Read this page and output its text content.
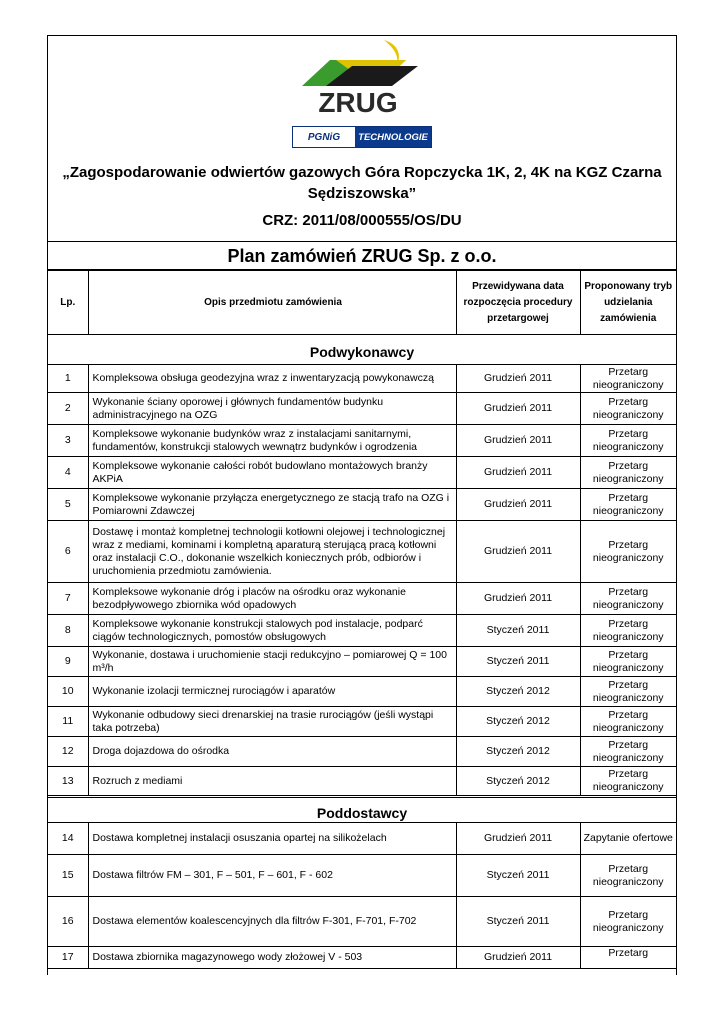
ZRUG
PGNiG	TECHNOLOGIE
„Zagospodarowanie odwiertów gazowych Góra Ropczycka 1K, 2, 4K na KGZ Czarna Sędziszowska”
CRZ: 2011/08/000555/OS/DU
Plan zamówień ZRUG Sp. z o.o.
Lp.	Opis przedmiotu zamówienia	Przewidywana data rozpoczęcia procedury przetargowej	Proponowany tryb udzielania zamówienia
Podwykonawcy			
1	Kompleksowa obsługa geodezyjna wraz z inwentaryzacją powykonawczą	Grudzień 2011	Przetarg nieograniczony
2	Wykonanie ściany oporowej i głównych fundamentów budynku administracyjnego na OZG	Grudzień 2011	Przetarg nieograniczony
3	Kompleksowe wykonanie budynków wraz z instalacjami sanitarnymi, fundamentów, konstrukcji stalowych wewnątrz budynków i ogrodzenia	Grudzień 2011	Przetarg nieograniczony
4	Kompleksowe wykonanie całości robót budowlano montażowych branży AKPiA	Grudzień 2011	Przetarg nieograniczony
5	Kompleksowe wykonanie przyłącza energetycznego ze stacją trafo na OZG i Pomiarowni Zdawczej	Grudzień 2011	Przetarg nieograniczony
6	Dostawę i montaż kompletnej technologii kotłowni olejowej i technologicznej wraz z mediami, kominami i kompletną aparaturą sterującą pracą kotłowni oraz instalacji C.O., dokonanie wszelkich koniecznych prób, odbiorów i uruchomienia przedmiotu zamówienia.	Grudzień 2011	Przetarg nieograniczony
7	Kompleksowe wykonanie dróg i placów na ośrodku oraz wykonanie bezodpływowego zbiornika wód opadowych	Grudzień 2011	Przetarg nieograniczony
8	Kompleksowe wykonanie konstrukcji stalowych pod instalacje, podparć ciągów technologicznych, pomostów obsługowych	Styczeń 2011	Przetarg nieograniczony
9	Wykonanie, dostawa i uruchomienie stacji redukcyjno – pomiarowej Q = 100 m³/h	Styczeń 2011	Przetarg nieograniczony
10	Wykonanie izolacji termicznej rurociągów i aparatów	Styczeń 2012	Przetarg nieograniczony
11	Wykonanie odbudowy sieci drenarskiej na trasie rurociągów (jeśli wystąpi taka potrzeba)	Styczeń 2012	Przetarg nieograniczony
12	Droga dojazdowa do ośrodka	Styczeń 2012	Przetarg nieograniczony
13	Rozruch z mediami	Styczeń 2012	Przetarg nieograniczony
Poddostawcy			
14	Dostawa kompletnej instalacji osuszania opartej na silikożelach	Grudzień 2011	Zapytanie ofertowe
15	Dostawa filtrów FM – 301, F – 501, F – 601, F - 602	Styczeń 2011	Przetarg nieograniczony
16	Dostawa elementów koalescencyjnych dla filtrów F-301, F-701, F-702	Styczeń 2011	Przetarg nieograniczony
17	Dostawa zbiornika magazynowego wody złożowej V - 503	Grudzień 2011	Przetarg
